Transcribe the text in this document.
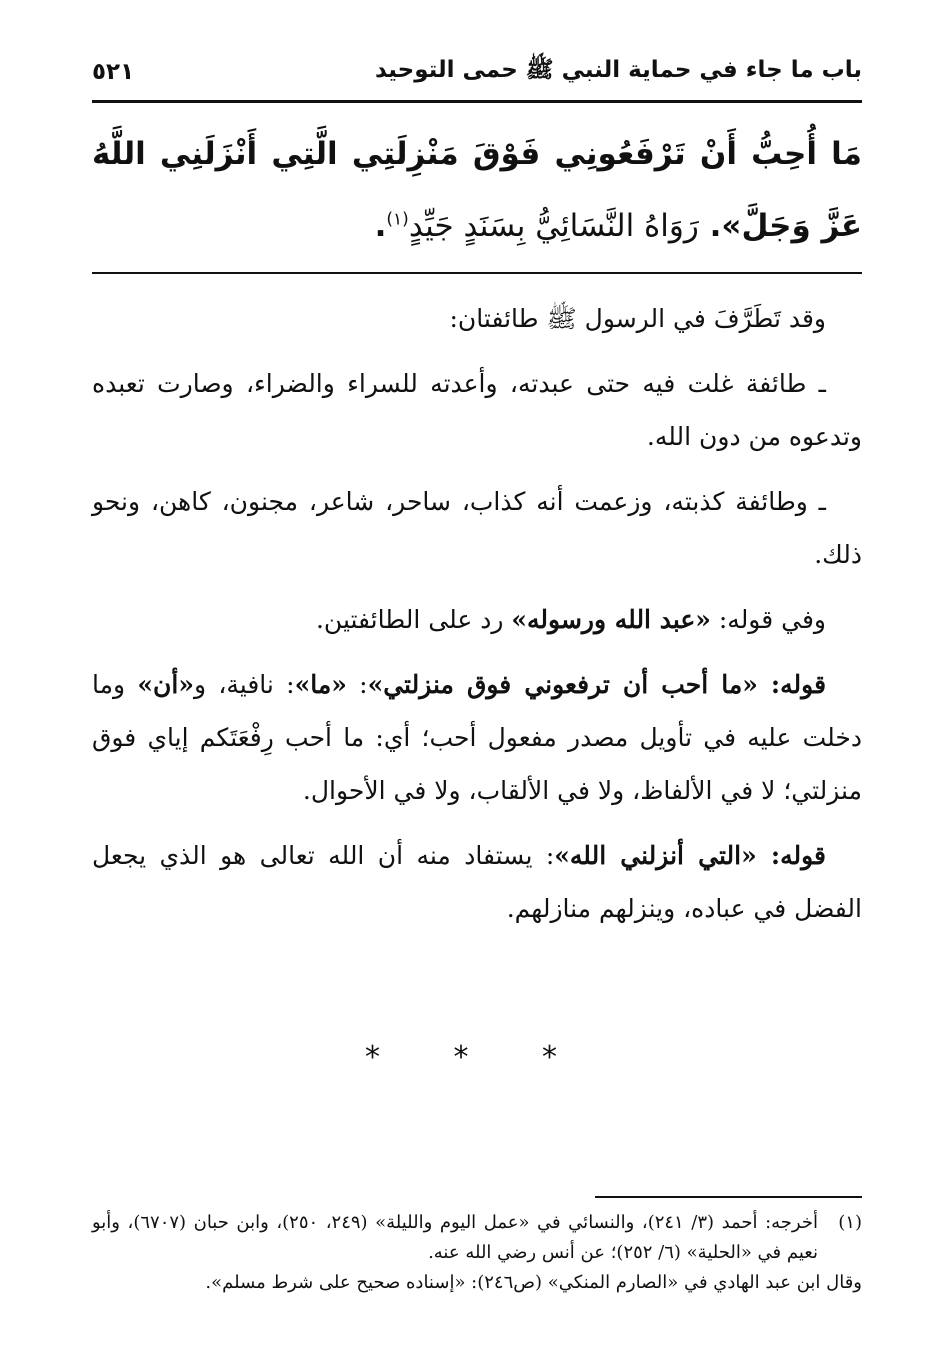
باب ما جاء في حماية النبي ﷺ حمى التوحيد
٥٢١
مَا أُحِبُّ أَنْ تَرْفَعُونِي فَوْقَ مَنْزِلَتِي الَّتِي أَنْزَلَنِي اللَّهُ عَزَّ وَجَلَّ». رَوَاهُ النَّسَائِيُّ بِسَنَدٍ جَيِّدٍ$^{(١)}$.

وقد تَطَرَّفَ في الرسول ﷺ طائفتان:

ـ طائفة غلت فيه حتى عبدته، وأعدته للسراء والضراء، وصارت تعبده وتدعوه من دون الله.

ـ وطائفة كذبته، وزعمت أنه كذاب، ساحر، شاعر، مجنون، كاهن، ونحو ذلك.

وفي قوله: «عبد الله ورسوله» رد على الطائفتين.

قوله: «ما أحب أن ترفعوني فوق منزلتي»: «ما»: نافية، و«أن» وما دخلت عليه في تأويل مصدر مفعول أحب؛ أي: ما أحب رِفْعَتَكم إياي فوق منزلتي؛ لا في الألفاظ، ولا في الألقاب، ولا في الأحوال.

قوله: «التي أنزلني الله»: يستفاد منه أن الله تعالى هو الذي يجعل الفضل في عباده، وينزلهم منازلهم.

* * *
(١)
أخرجه: أحمد (٣/ ٢٤١)، والنسائي في «عمل اليوم والليلة» (٢٤٩، ٢٥٠)، وابن حبان (٦٧٠٧)، وأبو نعيم في «الحلية» (٦/ ٢٥٢)؛ عن أنس رضي الله عنه.
وقال ابن عبد الهادي في «الصارم المنكي» (ص٢٤٦): «إسناده صحيح على شرط مسلم».
